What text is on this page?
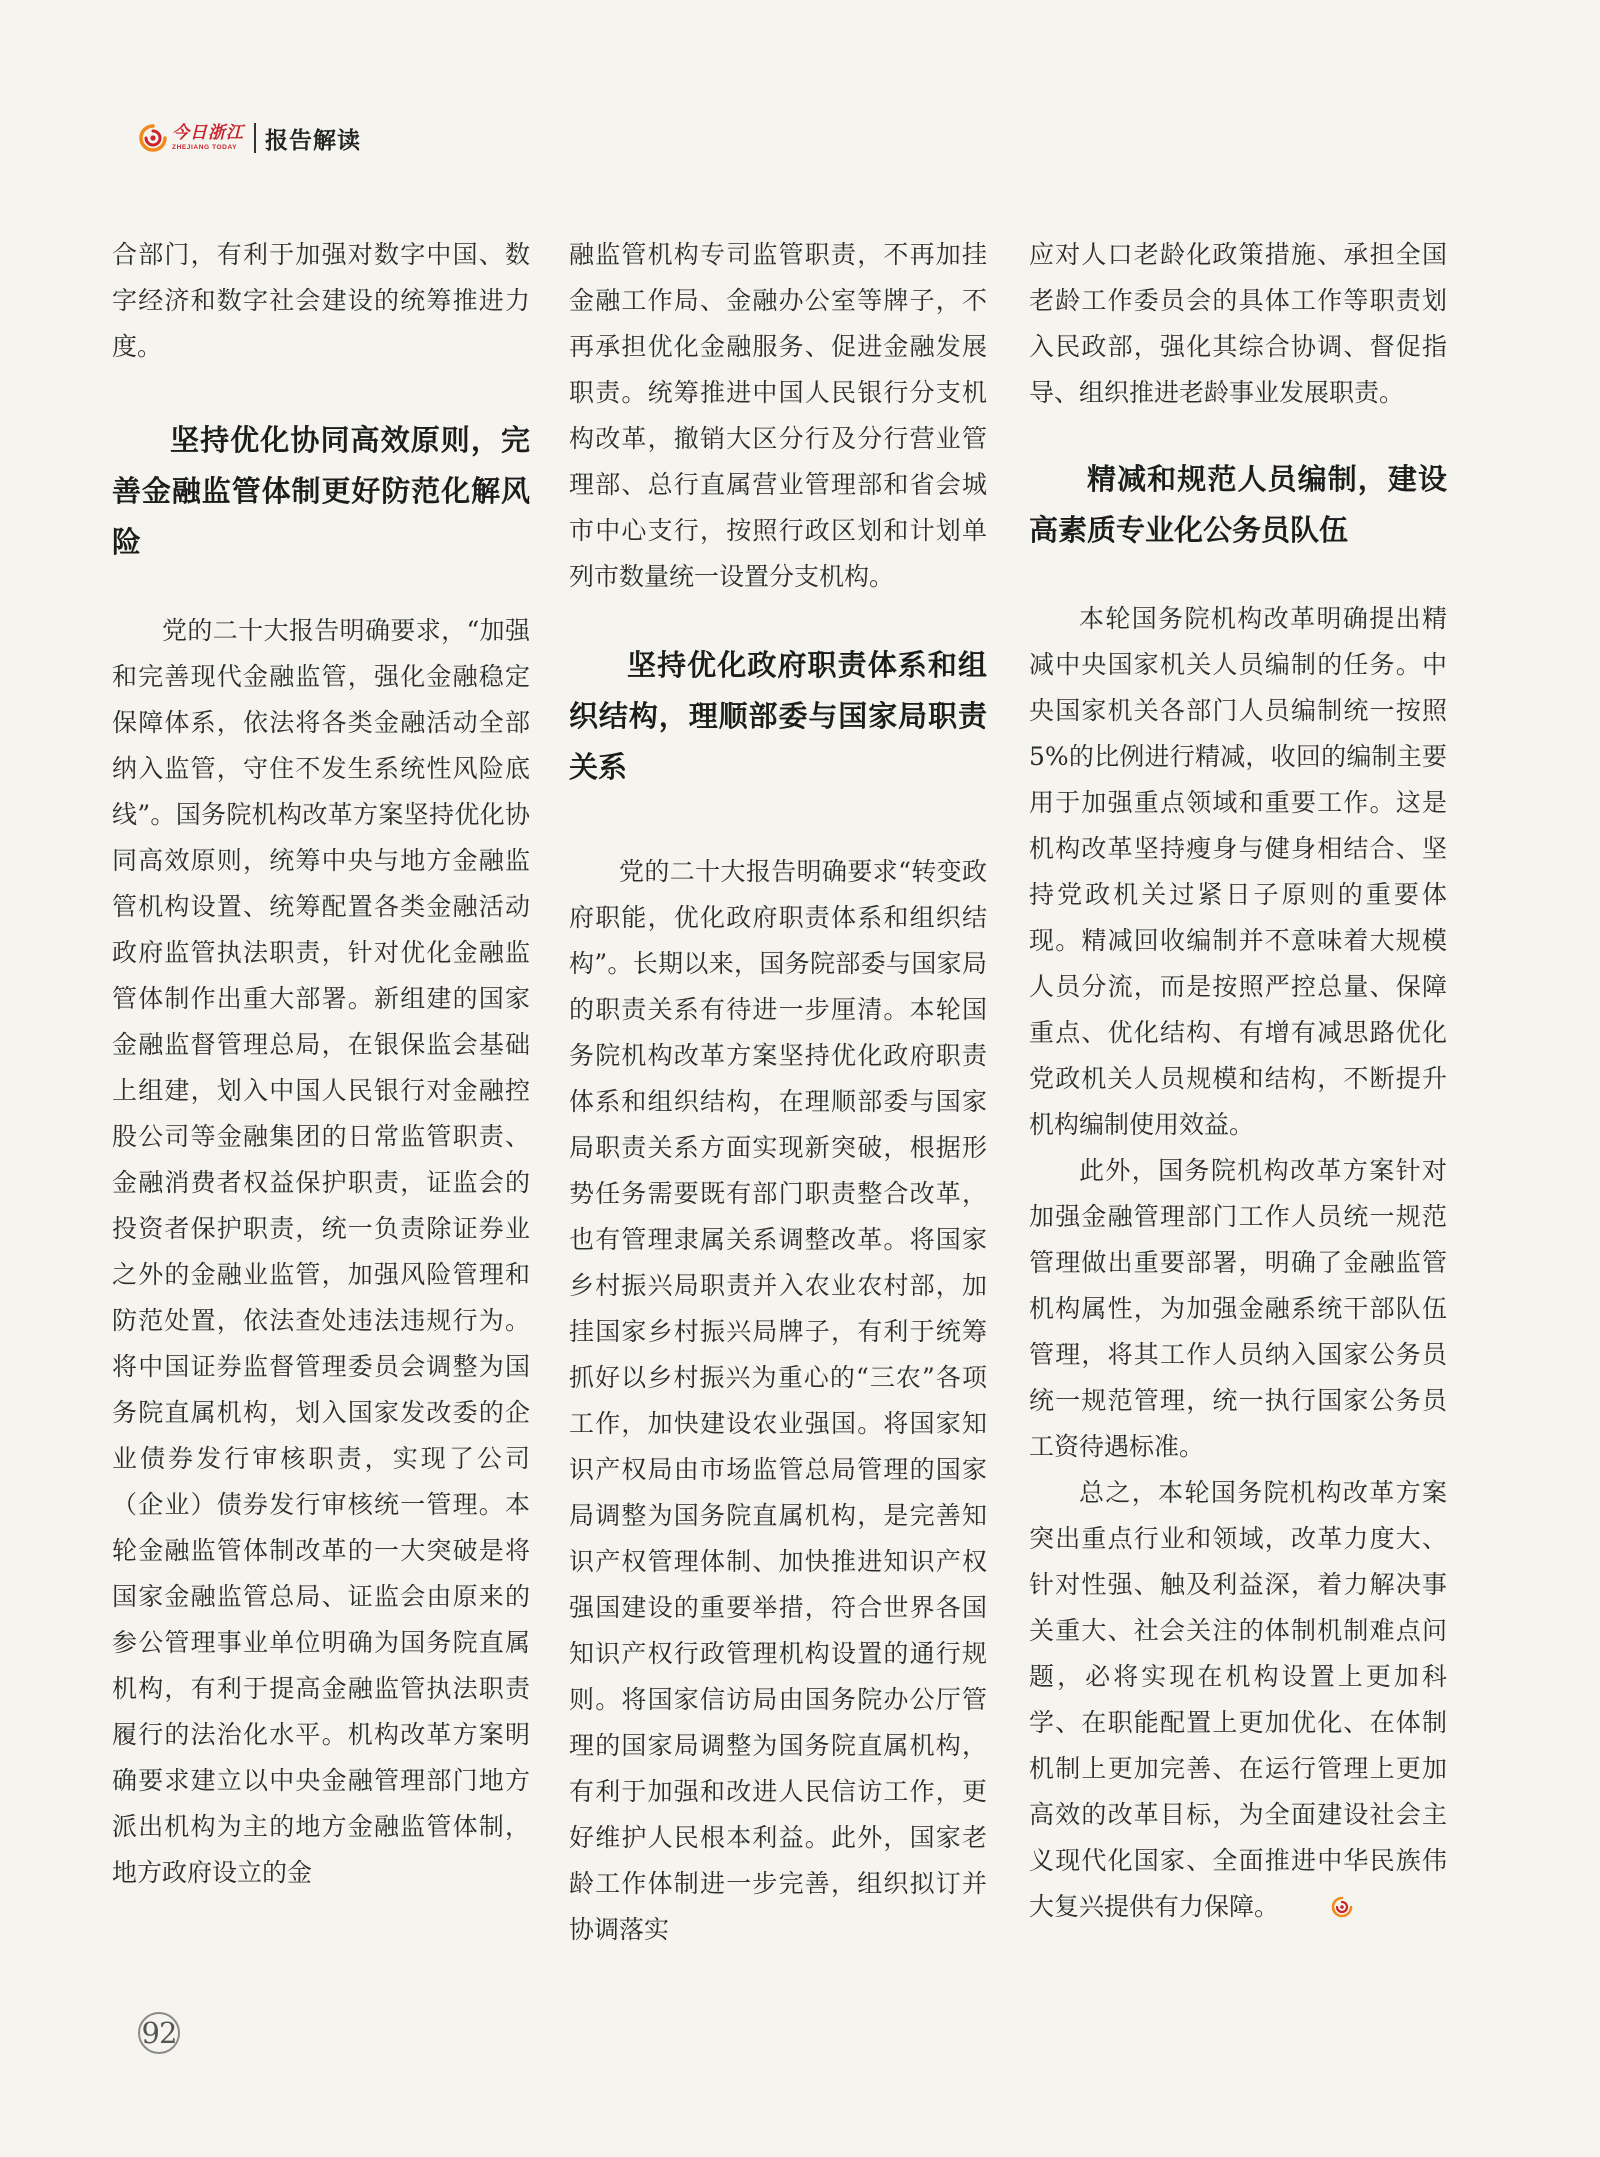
今日浙江
ZHEJIANG TODAY 报告解读

合部门，有利于加强对数字中国、数字经济和数字社会建设的统筹推进力度。

坚持优化协同高效原则，完善金融监管体制更好防范化解风险

党的二十大报告明确要求，“加强和完善现代金融监管，强化金融稳定保障体系，依法将各类金融活动全部纳入监管，守住不发生系统性风险底线”。国务院机构改革方案坚持优化协同高效原则，统筹中央与地方金融监管机构设置、统筹配置各类金融活动政府监管执法职责，针对优化金融监管体制作出重大部署。新组建的国家金融监督管理总局，在银保监会基础上组建，划入中国人民银行对金融控股公司等金融集团的日常监管职责、金融消费者权益保护职责，证监会的投资者保护职责，统一负责除证券业之外的金融业监管，加强风险管理和防范处置，依法查处违法违规行为。将中国证券监督管理委员会调整为国务院直属机构，划入国家发改委的企业债券发行审核职责，实现了公司（企业）债券发行审核统一管理。本轮金融监管体制改革的一大突破是将国家金融监管总局、证监会由原来的参公管理事业单位明确为国务院直属机构，有利于提高金融监管执法职责履行的法治化水平。机构改革方案明确要求建立以中央金融管理部门地方派出机构为主的地方金融监管体制，地方政府设立的金

融监管机构专司监管职责，不再加挂金融工作局、金融办公室等牌子，不再承担优化金融服务、促进金融发展职责。统筹推进中国人民银行分支机构改革，撤销大区分行及分行营业管理部、总行直属营业管理部和省会城市中心支行，按照行政区划和计划单列市数量统一设置分支机构。

坚持优化政府职责体系和组织结构，理顺部委与国家局职责关系

党的二十大报告明确要求“转变政府职能，优化政府职责体系和组织结构”。长期以来，国务院部委与国家局的职责关系有待进一步厘清。本轮国务院机构改革方案坚持优化政府职责体系和组织结构，在理顺部委与国家局职责关系方面实现新突破，根据形势任务需要既有部门职责整合改革，也有管理隶属关系调整改革。将国家乡村振兴局职责并入农业农村部，加挂国家乡村振兴局牌子，有利于统筹抓好以乡村振兴为重心的“三农”各项工作，加快建设农业强国。将国家知识产权局由市场监管总局管理的国家局调整为国务院直属机构，是完善知识产权管理体制、加快推进知识产权强国建设的重要举措，符合世界各国知识产权行政管理机构设置的通行规则。将国家信访局由国务院办公厅管理的国家局调整为国务院直属机构，有利于加强和改进人民信访工作，更好维护人民根本利益。此外，国家老龄工作体制进一步完善，组织拟订并协调落实

应对人口老龄化政策措施、承担全国老龄工作委员会的具体工作等职责划入民政部，强化其综合协调、督促指导、组织推进老龄事业发展职责。

精减和规范人员编制，建设高素质专业化公务员队伍

本轮国务院机构改革明确提出精减中央国家机关人员编制的任务。中央国家机关各部门人员编制统一按照5%的比例进行精减，收回的编制主要用于加强重点领域和重要工作。这是机构改革坚持瘦身与健身相结合、坚持党政机关过紧日子原则的重要体现。精减回收编制并不意味着大规模人员分流，而是按照严控总量、保障重点、优化结构、有增有减思路优化党政机关人员规模和结构，不断提升机构编制使用效益。

此外，国务院机构改革方案针对加强金融管理部门工作人员统一规范管理做出重要部署，明确了金融监管机构属性，为加强金融系统干部队伍管理，将其工作人员纳入国家公务员统一规范管理，统一执行国家公务员工资待遇标准。

总之，本轮国务院机构改革方案突出重点行业和领域，改革力度大、针对性强、触及利益深，着力解决事关重大、社会关注的体制机制难点问题，必将实现在机构设置上更加科学、在职能配置上更加优化、在体制机制上更加完善、在运行管理上更加高效的改革目标，为全面建设社会主义现代化国家、全面推进中华民族伟大复兴提供有力保障。

92
